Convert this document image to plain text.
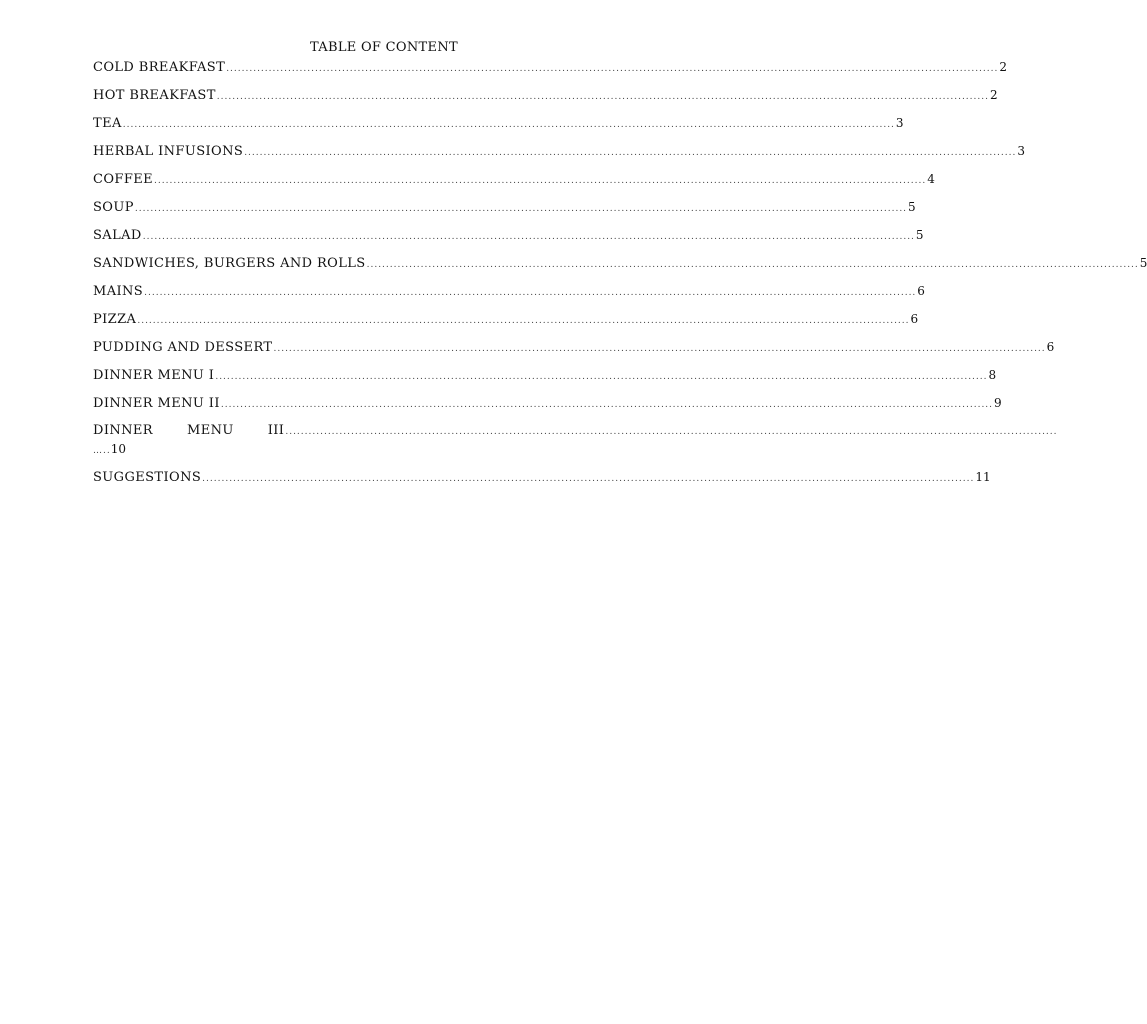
TABLE OF CONTENT
COLD BREAKFAST ........................................................................................................................................................................................................ 2
HOT BREAKFAST ........................................................................................................................................................................................................ 2
TEA ........................................................................................................................................................................................................ 3
HERBAL INFUSIONS ........................................................................................................................................................................................................ 3
COFFEE ........................................................................................................................................................................................................ 4
SOUP ........................................................................................................................................................................................................ 5
SALAD ........................................................................................................................................................................................................ 5
SANDWICHES, BURGERS AND ROLLS ........................................................................................................................................................................................................ 5
MAINS ........................................................................................................................................................................................................ 6
PIZZA ........................................................................................................................................................................................................ 6
PUDDING AND DESSERT ........................................................................................................................................................................................................ 6
DINNER MENU I ........................................................................................................................................................................................................ 8
DINNER MENU II ........................................................................................................................................................................................................ 9
DINNER	MENU	III ........................................................................................................................................................................................................
….. 10
SUGGESTIONS ........................................................................................................................................................................................................ 11
